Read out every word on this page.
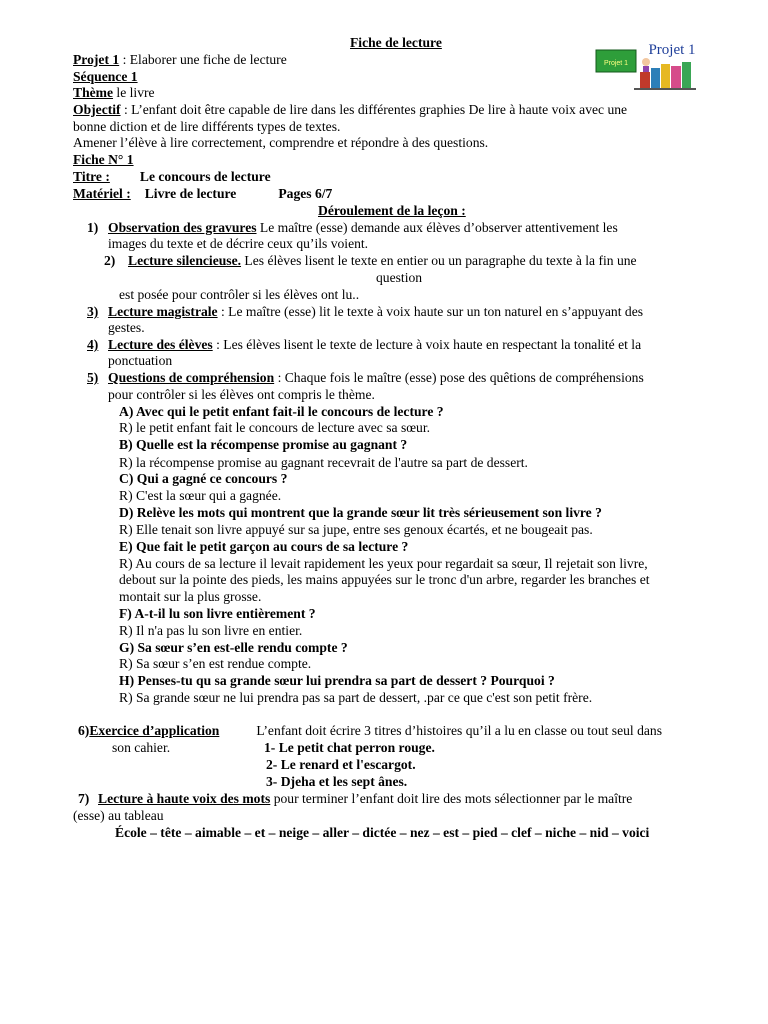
Fiche de lecture
Projet 1
Projet 1
Projet 1 : Elaborer une fiche de lecture
Séquence 1
Thème le livre
Objectif : L’enfant doit être capable de lire dans les différentes graphies De lire à haute voix avec une
bonne diction et de lire différents types de textes.
Amener l’élève à lire correctement, comprendre et répondre à des questions.
Fiche N° 1
Titre : Le concours de lecture
Matériel : Livre de lecture	Pages 6/7
Déroulement de la leçon :
1) Observation des gravures Le maître (esse) demande aux élèves d’observer attentivement les
images du texte et de décrire ceux qu’ils voient.
2) Lecture silencieuse. Les élèves lisent le texte en entier ou un paragraphe du texte à la fin une
question
est posée pour contrôler si les élèves ont lu..
3) Lecture magistrale : Le maître (esse) lit le texte à voix haute sur un ton naturel en s’appuyant des
gestes.
4) Lecture des élèves : Les élèves lisent le texte de lecture à voix haute en respectant la tonalité et la
ponctuation
5) Questions de compréhension : Chaque fois le maître (esse) pose des quêtions de compréhensions
pour contrôler si les élèves ont compris le thème.
A) Avec qui le petit enfant fait-il le concours de lecture ?
R) le petit enfant fait le concours de lecture avec sa sœur.
B) Quelle est la récompense promise au gagnant ?
R) la récompense promise au gagnant recevrait de l'autre sa part de dessert.
C) Qui a gagné ce concours ?
R) C'est la sœur qui a gagnée.
D) Relève les mots qui montrent que la grande sœur lit très sérieusement son livre ?
R) Elle tenait son livre appuyé sur sa jupe, entre ses genoux écartés, et ne bougeait pas.
E) Que fait le petit garçon au cours de sa lecture ?
R) Au cours de sa lecture il levait rapidement les yeux pour regardait sa sœur, Il rejetait son livre,
debout sur la pointe des pieds, les mains appuyées sur le tronc d'un arbre, regarder les branches et
montait sur la plus grosse.
F) A-t-il lu son livre entièrement ?
R) Il n'a pas lu son livre en entier.
G) Sa sœur s’en est-elle rendu compte ?
R) Sa sœur s’en est rendue compte.
H) Penses-tu qu sa grande sœur lui prendra sa part de dessert ? Pourquoi ?
R) Sa grande sœur ne lui prendra pas sa part de dessert, .par ce que c'est son petit frère.
6)Exercice d’application	L’enfant doit écrire 3 titres d’histoires qu’il a lu en classe ou tout seul dans
son cahier.	1- Le petit chat perron rouge.
2- Le renard et l'escargot.
3- Djeha et les sept ânes.
7) Lecture à haute voix des mots pour terminer l’enfant doit lire des mots sélectionner par le maître
(esse) au tableau
École – tête – aimable – et – neige – aller – dictée – nez – est – pied – clef – niche – nid – voici
